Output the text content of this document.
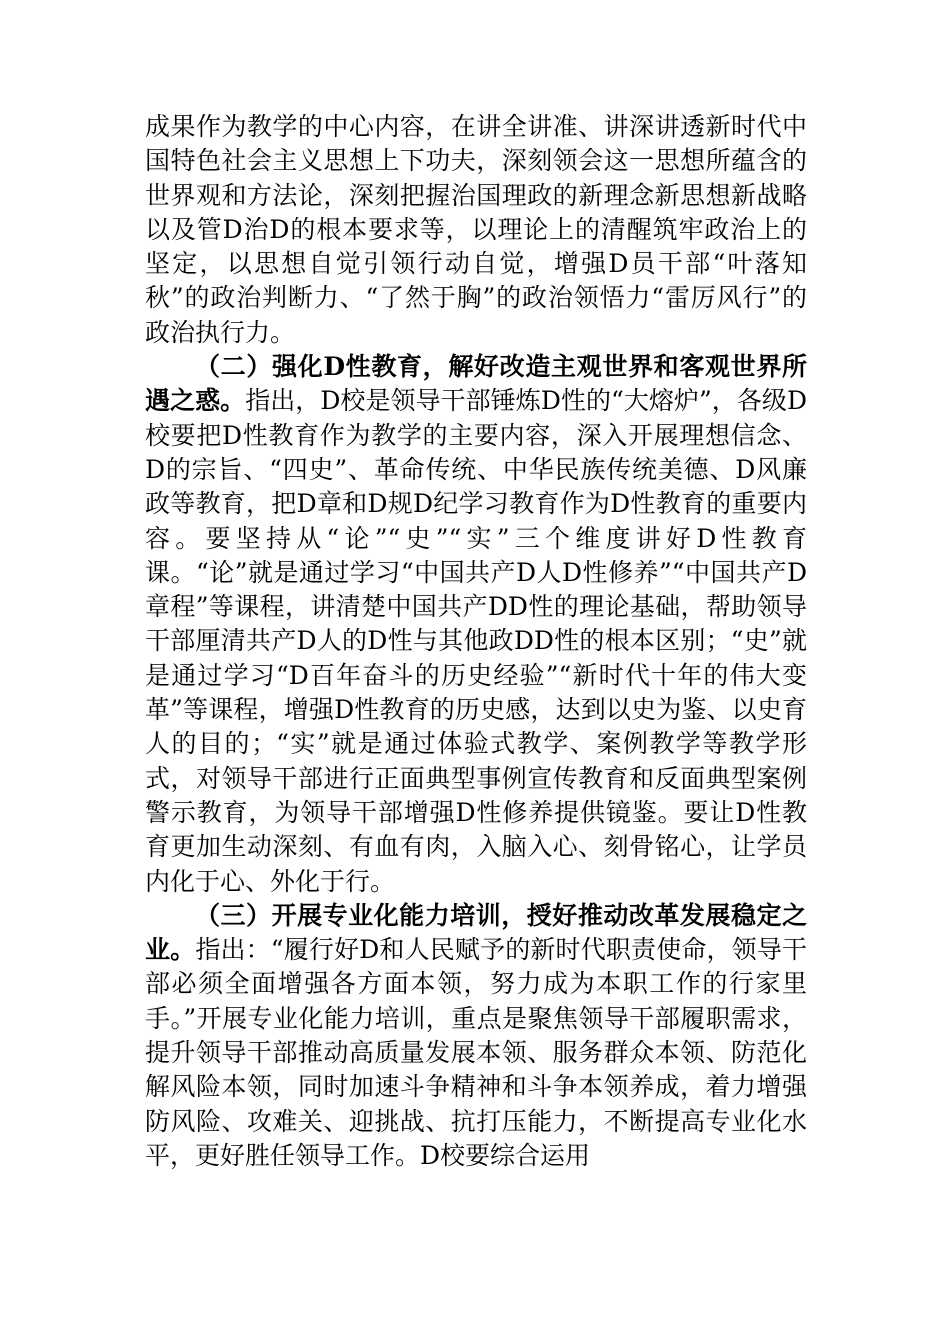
成果作为教学的中心内容，在讲全讲准、讲深讲透新时代中国特色社会主义思想上下功夫，深刻领会这一思想所蕴含的世界观和方法论，深刻把握治国理政的新理念新思想新战略以及管D治D的根本要求等，以理论上的清醒筑牢政治上的坚定，以思想自觉引领行动自觉，增强D员干部“叶落知秋”的政治判断力、“了然于胸”的政治领悟力“雷厉风行”的政治执行力。

（二）强化D性教育，解好改造主观世界和客观世界所遇之惑。指出，D校是领导干部锤炼D性的“大熔炉”，各级D校要把D性教育作为教学的主要内容，深入开展理想信念、D的宗旨、“四史”、革命传统、中华民族传统美德、D风廉政等教育，把D章和D规D纪学习教育作为D性教育的重要内容。要坚持从“论”“史”“实”三个维度讲好D性教育课。“论”就是通过学习“中国共产D人D性修养”“中国共产D章程”等课程，讲清楚中国共产DD性的理论基础，帮助领导干部厘清共产D人的D性与其他政DD性的根本区别；“史”就是通过学习“D百年奋斗的历史经验”“新时代十年的伟大变革”等课程，增强D性教育的历史感，达到以史为鉴、以史育人的目的；“实”就是通过体验式教学、案例教学等教学形式，对领导干部进行正面典型事例宣传教育和反面典型案例警示教育，为领导干部增强D性修养提供镜鉴。要让D性教育更加生动深刻、有血有肉，入脑入心、刻骨铭心，让学员内化于心、外化于行。

（三）开展专业化能力培训，授好推动改革发展稳定之业。指出：“履行好D和人民赋予的新时代职责使命，领导干部必须全面增强各方面本领，努力成为本职工作的行家里手。”开展专业化能力培训，重点是聚焦领导干部履职需求，提升领导干部推动高质量发展本领、服务群众本领、防范化解风险本领，同时加速斗争精神和斗争本领养成，着力增强防风险、攻难关、迎挑战、抗打压能力，不断提高专业化水平，更好胜任领导工作。D校要综合运用
